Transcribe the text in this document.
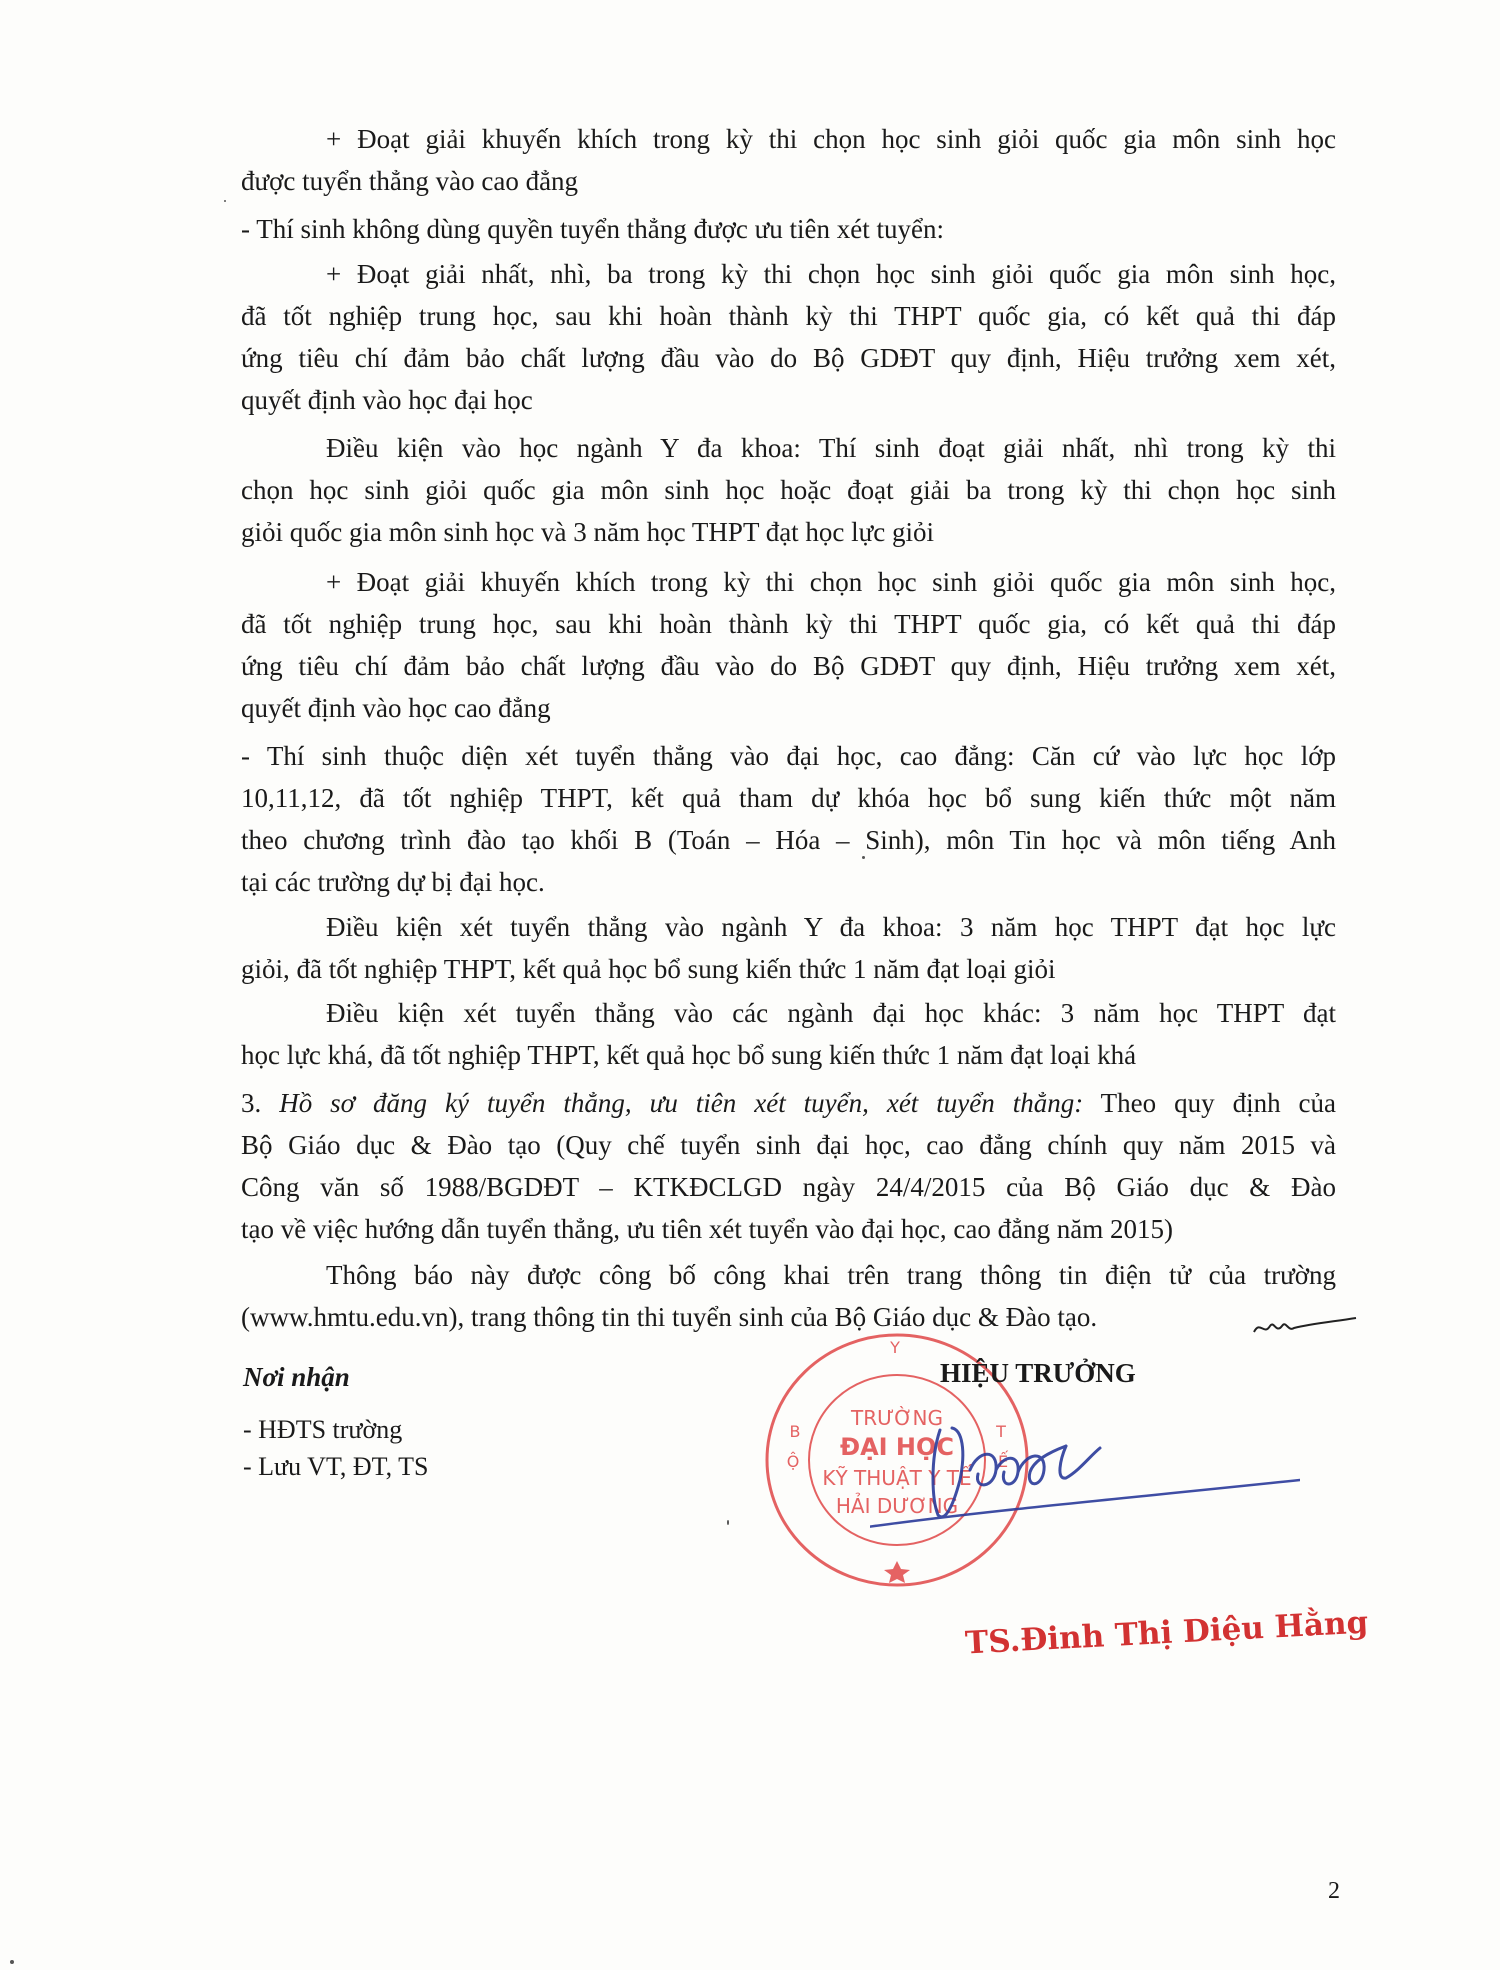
+ Đoạt giải khuyến khích trong kỳ thi chọn học sinh giỏi quốc gia môn sinh học
được tuyển thẳng vào cao đẳng
- Thí sinh không dùng quyền tuyển thẳng được ưu tiên xét tuyển:
+ Đoạt giải nhất, nhì, ba trong kỳ thi chọn học sinh giỏi quốc gia môn sinh học,
đã tốt nghiệp trung học, sau khi hoàn thành kỳ thi THPT quốc gia, có kết quả thi đáp
ứng tiêu chí đảm bảo chất lượng đầu vào do Bộ GDĐT quy định, Hiệu trưởng xem xét,
quyết định vào học đại học
Điều kiện vào học ngành Y đa khoa: Thí sinh đoạt giải nhất, nhì trong kỳ thi
chọn học sinh giỏi quốc gia môn sinh học hoặc đoạt giải ba trong kỳ thi chọn học sinh
giỏi quốc gia môn sinh học và 3 năm học THPT đạt học lực giỏi
+ Đoạt giải khuyến khích trong kỳ thi chọn học sinh giỏi quốc gia môn sinh học,
đã tốt nghiệp trung học, sau khi hoàn thành kỳ thi THPT quốc gia, có kết quả thi đáp
ứng tiêu chí đảm bảo chất lượng đầu vào do Bộ GDĐT quy định, Hiệu trưởng xem xét,
quyết định vào học cao đẳng
- Thí sinh thuộc diện xét tuyển thẳng vào đại học, cao đẳng: Căn cứ vào lực học lớp
10,11,12, đã tốt nghiệp THPT, kết quả tham dự khóa học bổ sung kiến thức một năm
theo chương trình đào tạo khối B (Toán – Hóa – Sinh), môn Tin học và môn tiếng Anh
tại các trường dự bị đại học.
Điều kiện xét tuyển thẳng vào ngành Y đa khoa: 3 năm học THPT đạt học lực
giỏi, đã tốt nghiệp THPT, kết quả học bổ sung kiến thức 1 năm đạt loại giỏi
Điều kiện xét tuyển thẳng vào các ngành đại học khác: 3 năm học THPT đạt
học lực khá, đã tốt nghiệp THPT, kết quả học bổ sung kiến thức 1 năm đạt loại khá
3. Hồ sơ đăng ký tuyển thẳng, ưu tiên xét tuyển, xét tuyển thẳng: Theo quy định của
Bộ Giáo dục & Đào tạo (Quy chế tuyển sinh đại học, cao đẳng chính quy năm 2015 và
Công văn số 1988/BGDĐT – KTKĐCLGD ngày 24/4/2015 của Bộ Giáo dục & Đào
tạo về việc hướng dẫn tuyển thẳng, ưu tiên xét tuyển vào đại học, cao đẳng năm 2015)
Thông báo này được công bố công khai trên trang thông tin điện tử của trường
(www.hmtu.edu.vn), trang thông tin thi tuyển sinh của Bộ Giáo dục & Đào tạo.

Nơi nhận

- HĐTS trường

- Lưu VT, ĐT, TS

Y
B
Ộ
T
Ế
TRƯỜNG
ĐẠI HỌC
KỸ THUẬT Y TẾ
HẢI DƯƠNG

HIỆU TRƯỞNG

TS.Đinh Thị Diệu Hằng

2
